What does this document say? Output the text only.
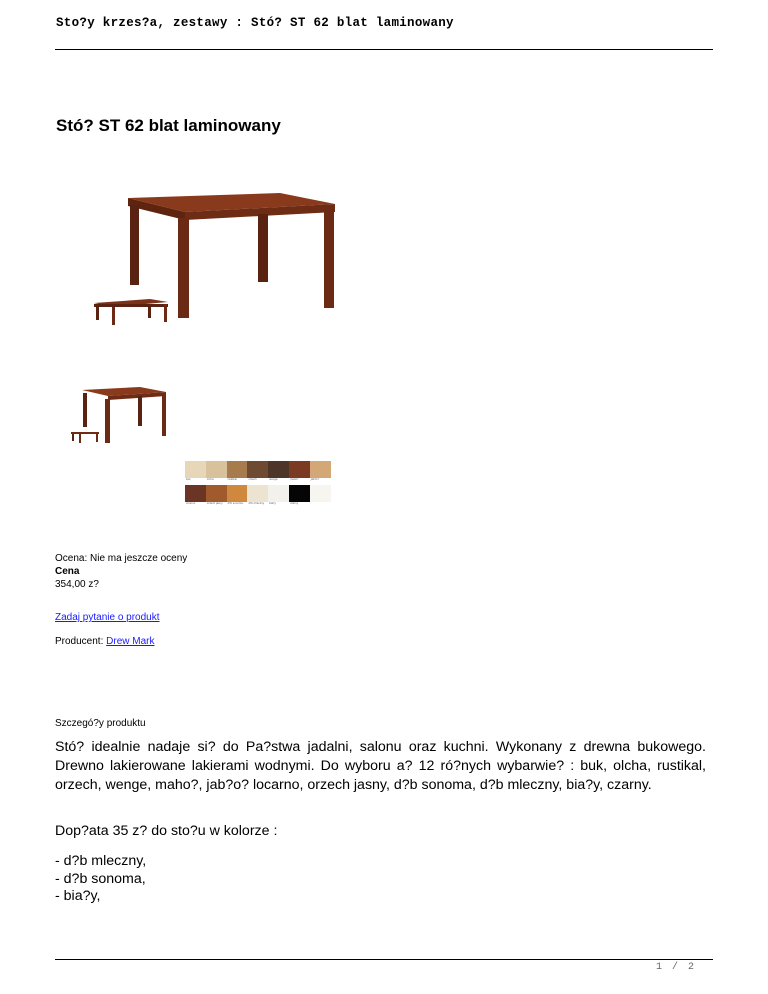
Sto?y krzes?a, zestawy : Stó? ST 62 blat laminowany
Stó? ST 62 blat laminowany
buk	olcha	rustikal	orzech	wenge	maho?	jab?o?
locarno	orzech jasny d?b sonoma d?b mleczny bia?y	czarny
Ocena: Nie ma jeszcze oceny
Cena
354,00 z?
Zadaj pytanie o produkt
Producent: Drew Mark
Szczegó?y produktu

Stó? idealnie nadaje si? do Pa?stwa jadalni, salonu oraz kuchni. Wykonany z drewna bukowego. Drewno lakierowane lakierami wodnymi. Do wyboru a? 12 ró?nych wybarwie? : buk, olcha, rustikal, orzech, wenge, maho?, jab?o? locarno, orzech jasny, d?b sonoma, d?b mleczny, bia?y, czarny.

Dop?ata 35 z? do sto?u w kolorze :

- d?b mleczny,
- d?b sonoma,
- bia?y,
1 / 2
